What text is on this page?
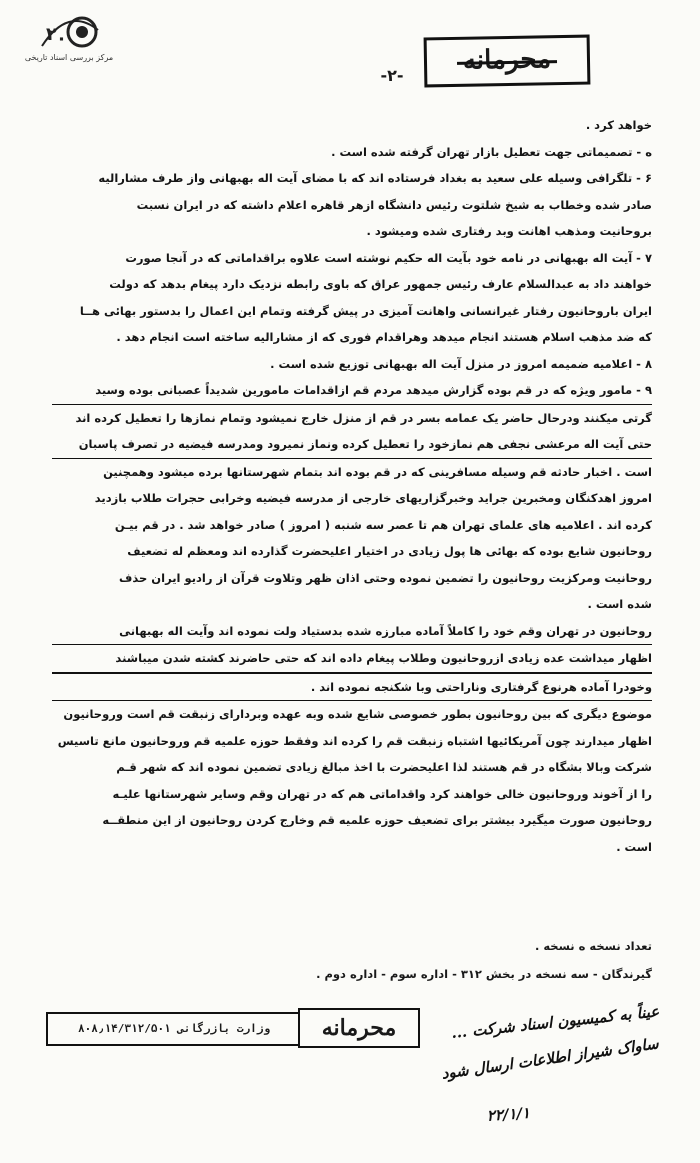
۲ ۰
مرکز بررسی اسناد تاریخی	محرمانه
-۲-

خواهد کرد .

ه - تصمیماتی جهت تعطیل بازار تهران گرفته شده است .

۶ - تلگرافی وسیله علی سعید به بغداد فرستاده اند که با مضای آیت اله بهبهانی واز طرف مشارالیه

صادر شده وخطاب به شیخ شلتوت رئیس دانشگاه ازهر قاهره اعلام داشته که در ایران نسبت

بروحانیت ومذهب اهانت وبد رفتاری شده ومیشود .

۷ - آیت اله بهبهانی در نامه خود بآیت اله حکیم نوشته است علاوه براقداماتی که در آنجا صورت

خواهند داد به عبدالسلام عارف رئیس جمهور عراق که باوی رابطه نزدیک دارد پیغام بدهد که دولت

ایران باروحانیون رفتار غیرانسانی واهانت آمیزی در پیش گرفته وتمام این اعمال را بدستور بهائی هــا

که ضد مذهب اسلام هستند انجام میدهد وهراقدام فوری که از مشارالیه ساخته است انجام دهد .

۸ - اعلامیه ضمیمه امروز در منزل آیت اله بهبهانی توزیع شده است .

۹ - مامور ویژه که در قم بوده گزارش میدهد مردم قم ازاقدامات مامورین شدیداً عصبانی بوده وسید

گرتی میکنند ودرحال حاضر یک عمامه بسر در قم از منزل خارج نمیشود وتمام نمازها را تعطیل کرده اند

حتی آیت اله مرعشی نجفی هم نمازخود را تعطیل کرده ونماز نمیرود ومدرسه فیضیه در تصرف پاسبان

است . اخبار حادثه قم وسیله مسافرینی که در قم بوده اند بتمام شهرستانها برده میشود وهمچنین

امروز اهدکنگان ومخبرین جراید وخبرگزاریهای خارجی از مدرسه فیضیه وخرابی حجرات طلاب بازدید

کرده اند . اعلامیه های علمای تهران هم تا عصر سه شنبه ( امروز ) صادر خواهد شد . در قم بیـن

روحانیون شایع بوده که بهائی ها پول زیادی در اختیار اعلیحضرت گذارده اند ومعظم له تضعیف

روحانیت ومرکزیت روحانیون را تضمین نموده وحتی اذان ظهر وتلاوت قرآن از رادیو ایران حذف

شده است .

روحانیون در تهران وقم خود را کاملاً آماده مبارزه شده بدستیاد ولت نموده اند وآیت اله بهبهانی

اظهار میداشت عده زیادی ازروحانیون وطلاب پیغام داده اند که حتی حاضرند کشته شدن میباشند

وخودرا آماده هرنوع گرفتاری وناراحتی وبا شکنجه نموده اند .

موضوع دیگری که بین روحانیون بطور خصوصی شایع شده وبه عهده وبردارای زنبقت قم است وروحانیون

اظهار میدارند چون آمریکائیها اشتباه زنبقت قم را کرده اند وفقط حوزه علمیه قم وروحانیون مانع تاسیس

شرکت وبالا بشگاه در قم هستند لذا اعلیحضرت با اخذ مبالغ زیادی تضمین نموده اند که شهر قـم

را از آخوند وروحانیون خالی خواهند کرد واقداماتی هم که در تهران وقم وسایر شهرستانها علیـه

روحانیون صورت میگیرد بیشتر برای تضعیف حوزه علمیه قم وخارج کردن روحانیون از این منطقــه

است .

تعداد نسخه ه نسخه .
گیرندگان - سه نسخه در بخش ۳۱۲ - اداره سوم - اداره دوم .
وزارت بازرگانی ۸۰۸٫۱۴/۳۱۲/۵۰۱	محرمانه	عیناً به کمیسیون اسناد شرکت ...
ساواک شیراز اطلاعات ارسال شود
۲۲/۱/۱
